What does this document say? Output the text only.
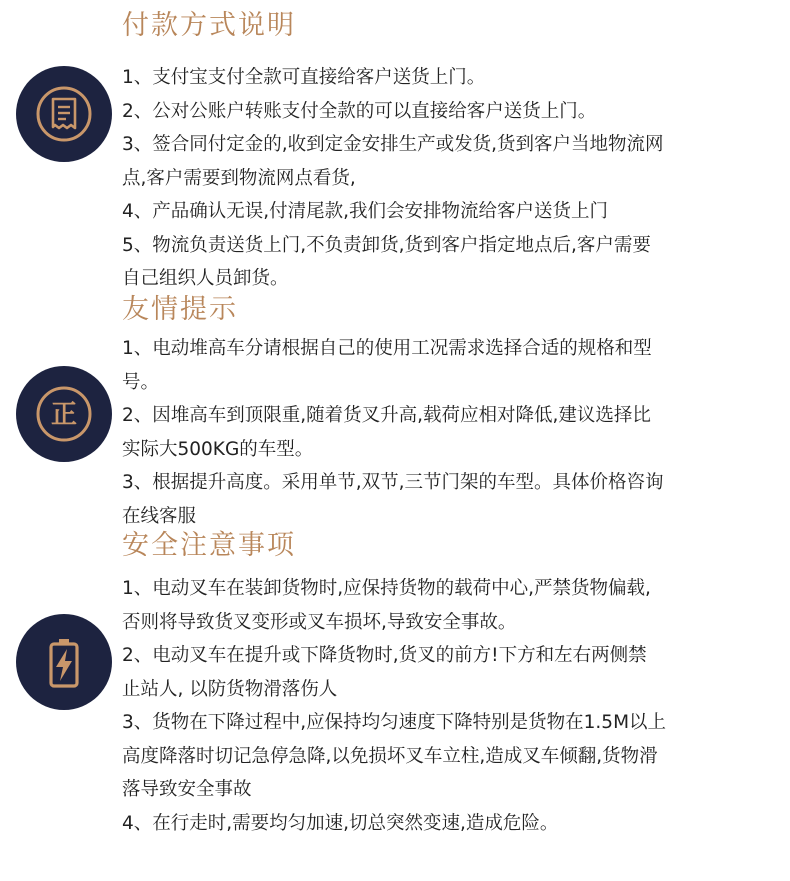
付款方式说明
1、支付宝支付全款可直接给客户送货上门。
2、公对公账户转账支付全款的可以直接给客户送货上门。
3、签合同付定金的,收到定金安排生产或发货,货到客户当地物流网
点,客户需要到物流网点看货,
4、产品确认无误,付清尾款,我们会安排物流给客户送货上门
5、物流负责送货上门,不负责卸货,货到客户指定地点后,客户需要
自己组织人员卸货。
友情提示
正
1、电动堆高车分请根据自己的使用工况需求选择合适的规格和型
号。
2、因堆高车到顶限重,随着货叉升高,载荷应相对降低,建议选择比
实际大500KG的车型。
3、根据提升高度。采用单节,双节,三节门架的车型。具体价格咨询
在线客服
安全注意事项
1、电动叉车在装卸货物时,应保持货物的载荷中心,严禁货物偏载,
否则将导致货叉变形或叉车损坏,导致安全事故。
2、电动叉车在提升或下降货物时,货叉的前方!下方和左右两侧禁
止站人, 以防货物滑落伤人
3、货物在下降过程中,应保持均匀速度下降特别是货物在1.5M以上
高度降落时切记急停急降,以免损坏叉车立柱,造成叉车倾翻,货物滑
落导致安全事故
4、在行走时,需要均匀加速,切总突然变速,造成危险。
